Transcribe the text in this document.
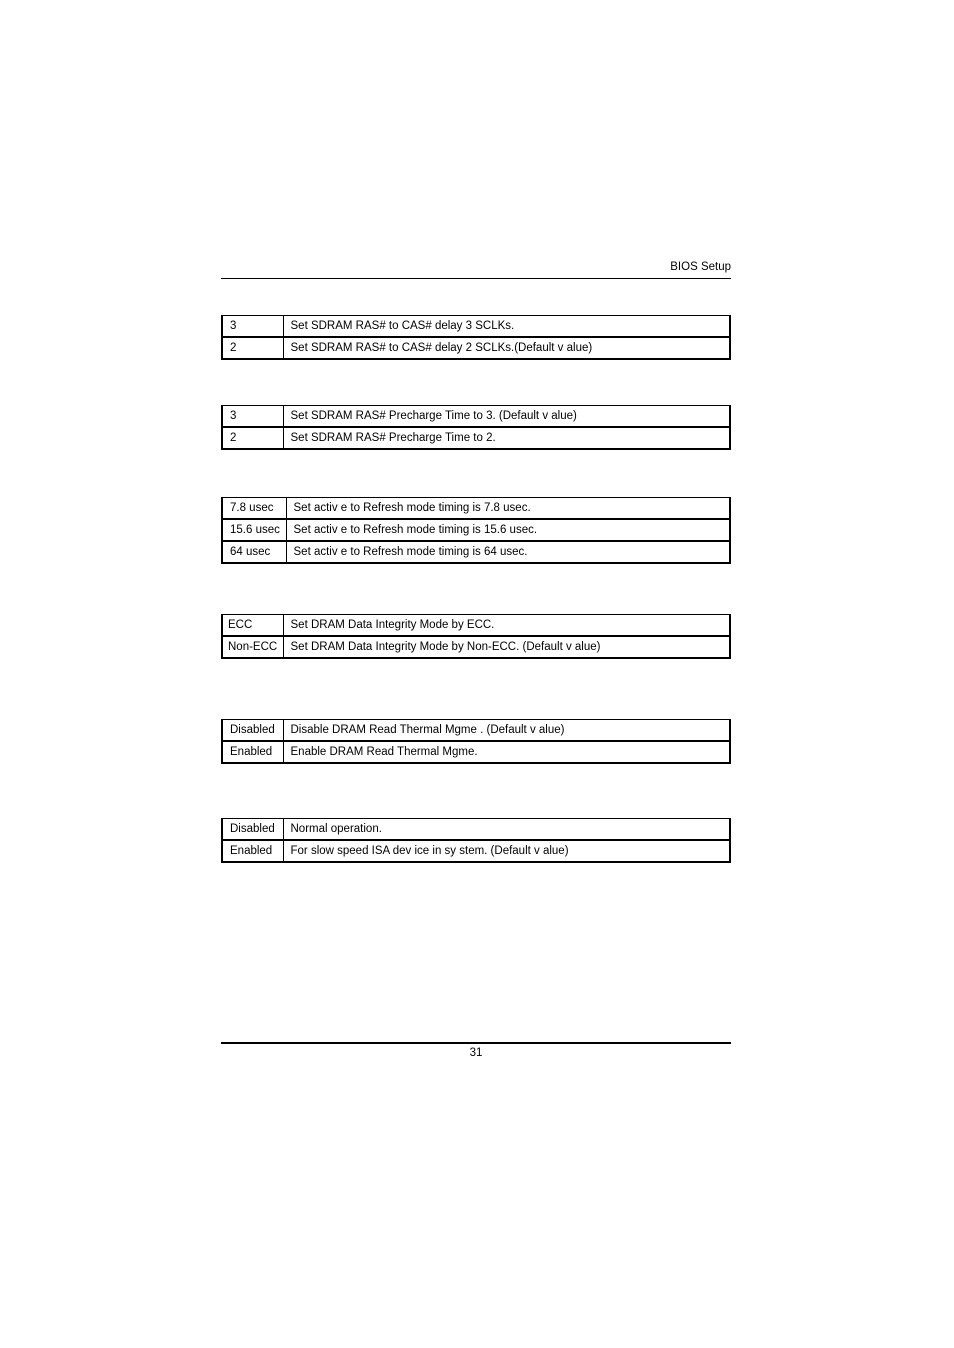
BIOS Setup
3	Set SDRAM RAS# to CAS# delay 3 SCLKs.
2	Set SDRAM RAS# to CAS# delay 2 SCLKs.(Default v alue)
3	Set SDRAM RAS# Precharge Time to 3. (Default v alue)
2	Set SDRAM RAS# Precharge Time to 2.
7.8 usec	Set activ e to Refresh mode timing is 7.8 usec.
15.6 usec	Set activ e to Refresh mode timing is 15.6 usec.
64 usec	Set activ e to Refresh mode timing is 64 usec.
ECC	Set DRAM Data Integrity Mode by ECC.
Non-ECC	Set DRAM Data Integrity Mode by Non-ECC. (Default v alue)
Disabled	Disable DRAM Read Thermal Mgme . (Default v alue)
Enabled	Enable DRAM Read Thermal Mgme.
Disabled	Normal operation.
Enabled	For slow speed ISA dev ice in sy stem. (Default v alue)
31
